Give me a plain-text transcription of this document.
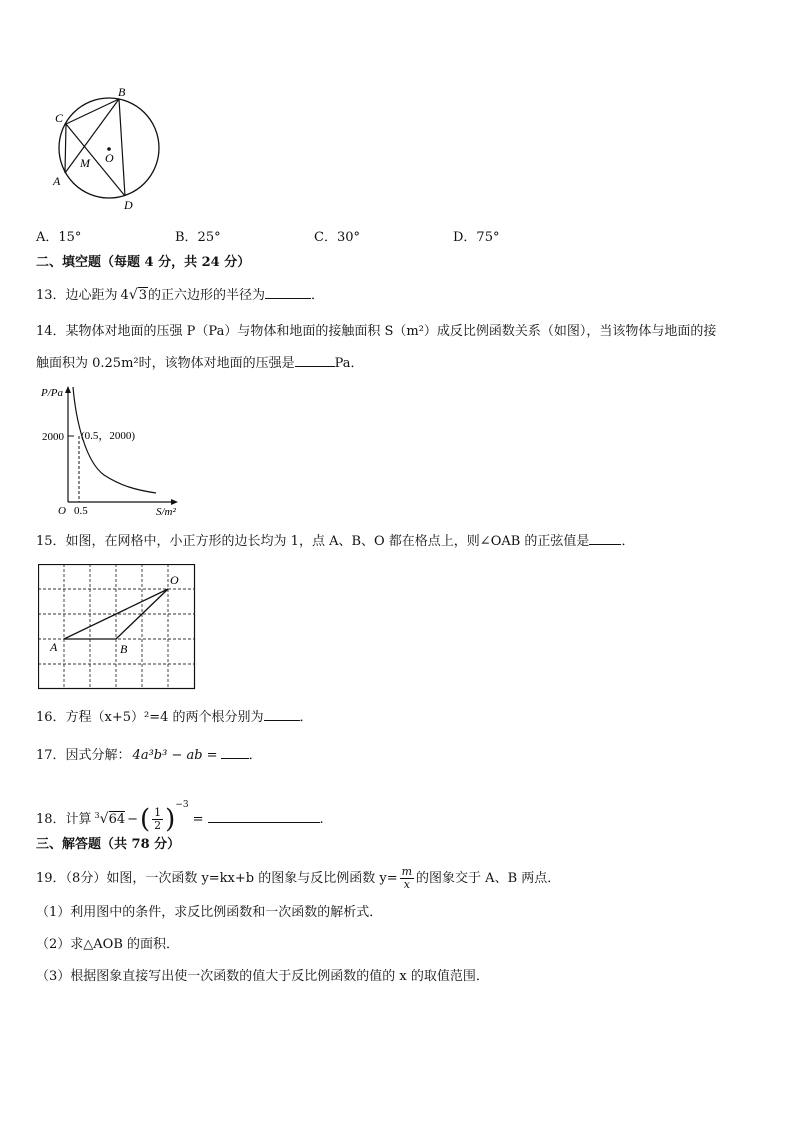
B
C
O
M
A
D
A．15°	B．25°	C．30°	D．75°
二、填空题（每题 4 分，共 24 分）
13．边心距为 4√3的正六边形的半径为	．
14．某物体对地面的压强 P（Pa）与物体和地面的接触面积 S（m²）成反比例函数关系（如图），当该物体与地面的接
触面积为 0.25m²时，该物体对地面的压强是	Pa．
P/Pa
2000 (0.5，2000)
O 0.5	S/m²
15．如图，在网格中，小正方形的边长均为 1，点 A、B、O 都在格点上，则∠OAB 的正弦值是 ．
O
A	B
16．方程（x+5）²=4 的两个根分别为	．
17．因式分解： 4a³b³ − ab = ．
18．计算 $^3$√64 −( $\frac{1}{2} )^{-3}=$	.
三、解答题（共 78 分）
19．（8分）如图，一次函数 y=kx+b 的图象与反比例函数 $y= \frac{m}{x}$ 的图象交于 A、B 两点．
（1）利用图中的条件，求反比例函数和一次函数的解析式．
（2）求△AOB 的面积．
（3）根据图象直接写出使一次函数的值大于反比例函数的值的 x 的取值范围．
